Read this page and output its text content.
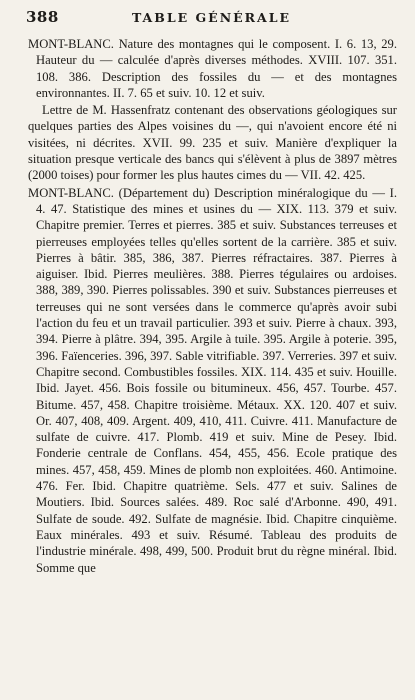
388	TABLE GÉNÉRALE

MONT-BLANC. Nature des montagnes qui le composent. I. 6. 13, 29. Hauteur du — calculée d'après diverses méthodes. XVIII. 107. 351. 108. 386. Description des fossiles du — et des montagnes environnantes. II. 7. 65 et suiv. 10. 12 et suiv.

Lettre de M. Hassenfratz contenant des observations géologiques sur quelques parties des Alpes voisines du —, qui n'avoient encore été ni visitées, ni décrites. XVII. 99. 235 et suiv. Manière d'expliquer la situation presque verticale des bancs qui s'élèvent à plus de 3897 mètres (2000 toises) pour former les plus hautes cimes du — VII. 42. 425.

MONT-BLANC. (Département du) Description minéralogique du — I. 4. 47. Statistique des mines et usines du — XIX. 113. 379 et suiv. Chapitre premier. Terres et pierres. 385 et suiv. Substances terreuses et pierreuses employées telles qu'elles sortent de la carrière. 385 et suiv. Pierres à bâtir. 385, 386, 387. Pierres réfractaires. 387. Pierres à aiguiser. Ibid. Pierres meulières. 388. Pierres tégulaires ou ardoises. 388, 389, 390. Pierres polissables. 390 et suiv. Substances pierreuses et terreuses qui ne sont versées dans le commerce qu'après avoir subi l'action du feu et un travail particulier. 393 et suiv. Pierre à chaux. 393, 394. Pierre à plâtre. 394, 395. Argile à tuile. 395. Argile à poterie. 395, 396. Faïenceries. 396, 397. Sable vitrifiable. 397. Verreries. 397 et suiv. Chapitre second. Combustibles fossiles. XIX. 114. 435 et suiv. Houille. Ibid. Jayet. 456. Bois fossile ou bitumineux. 456, 457. Tourbe. 457. Bitume. 457, 458. Chapitre troisième. Métaux. XX. 120. 407 et suiv. Or. 407, 408, 409. Argent. 409, 410, 411. Cuivre. 411. Manufacture de sulfate de cuivre. 417. Plomb. 419 et suiv. Mine de Pesey. Ibid. Fonderie centrale de Conflans. 454, 455, 456. Ecole pratique des mines. 457, 458, 459. Mines de plomb non exploitées. 460. Antimoine. 476. Fer. Ibid. Chapitre quatrième. Sels. 477 et suiv. Salines de Moutiers. Ibid. Sources salées. 489. Roc salé d'Arbonne. 490, 491. Sulfate de soude. 492. Sulfate de magnésie. Ibid. Chapitre cinquième. Eaux minérales. 493 et suiv. Résumé. Tableau des produits de l'industrie minérale. 498, 499, 500. Produit brut du règne minéral. Ibid. Somme que
